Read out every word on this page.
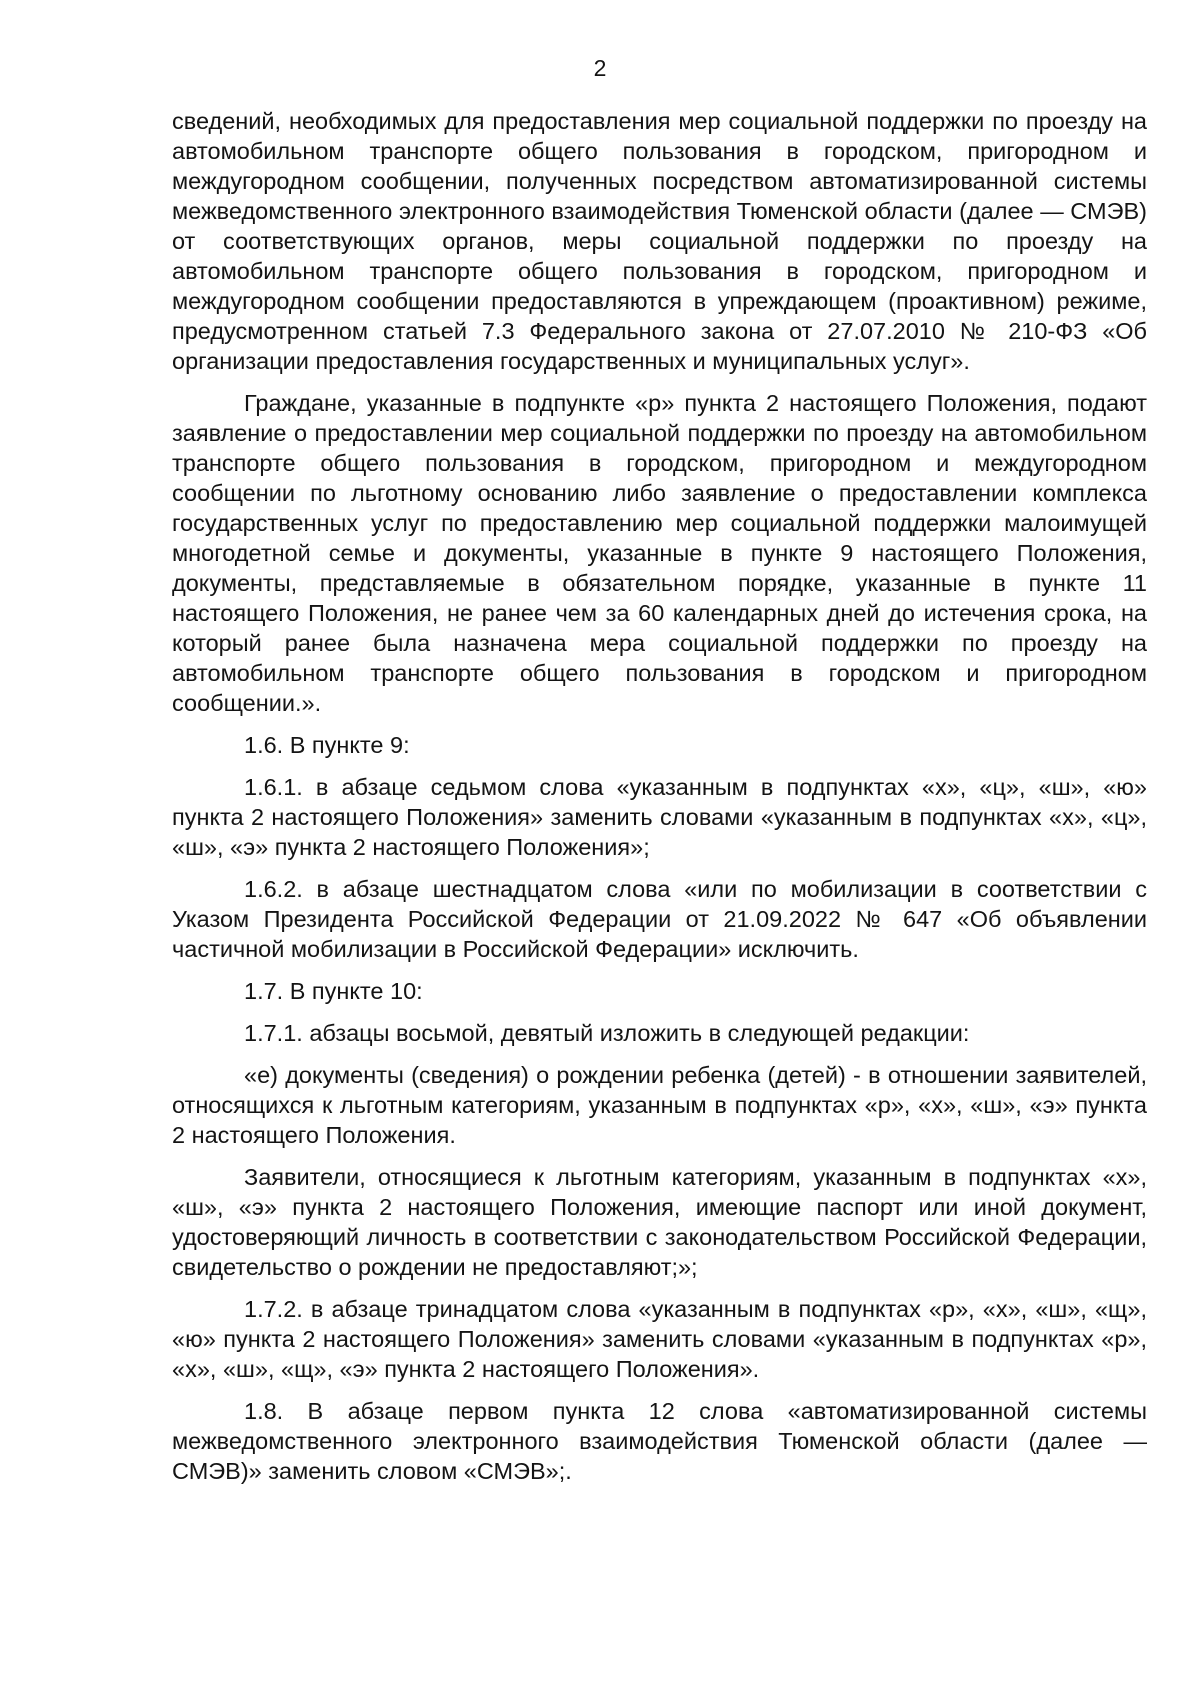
2

сведений, необходимых для предоставления мер социальной поддержки по проезду на автомобильном транспорте общего пользования в городском, пригородном и междугородном сообщении, полученных посредством автоматизированной системы межведомственного электронного взаимодействия Тюменской области (далее — СМЭВ) от соответствующих органов, меры социальной поддержки по проезду на автомобильном транспорте общего пользования в городском, пригородном и междугородном сообщении предоставляются в упреждающем (проактивном) режиме, предусмотренном статьей 7.3 Федерального закона от 27.07.2010 № 210-ФЗ «Об организации предоставления государственных и муниципальных услуг».

Граждане, указанные в подпункте «р» пункта 2 настоящего Положения, подают заявление о предоставлении мер социальной поддержки по проезду на автомобильном транспорте общего пользования в городском, пригородном и междугородном сообщении по льготному основанию либо заявление о предоставлении комплекса государственных услуг по предоставлению мер социальной поддержки малоимущей многодетной семье и документы, указанные в пункте 9 настоящего Положения, документы, представляемые в обязательном порядке, указанные в пункте 11 настоящего Положения, не ранее чем за 60 календарных дней до истечения срока, на который ранее была назначена мера социальной поддержки по проезду на автомобильном транспорте общего пользования в городском и пригородном сообщении.».

1.6. В пункте 9:

1.6.1. в абзаце седьмом слова «указанным в подпунктах «х», «ц», «ш», «ю» пункта 2 настоящего Положения» заменить словами «указанным в подпунктах «х», «ц», «ш», «э» пункта 2 настоящего Положения»;

1.6.2. в абзаце шестнадцатом слова «или по мобилизации в соответствии с Указом Президента Российской Федерации от 21.09.2022 № 647 «Об объявлении частичной мобилизации в Российской Федерации» исключить.

1.7. В пункте 10:

1.7.1. абзацы восьмой, девятый изложить в следующей редакции:

«е) документы (сведения) о рождении ребенка (детей) - в отношении заявителей, относящихся к льготным категориям, указанным в подпунктах «р», «х», «ш», «э» пункта 2 настоящего Положения.

Заявители, относящиеся к льготным категориям, указанным в подпунктах «х», «ш», «э» пункта 2 настоящего Положения, имеющие паспорт или иной документ, удостоверяющий личность в соответствии с законодательством Российской Федерации, свидетельство о рождении не предоставляют;»;

1.7.2. в абзаце тринадцатом слова «указанным в подпунктах «р», «х», «ш», «щ», «ю» пункта 2 настоящего Положения» заменить словами «указанным в подпунктах «р», «х», «ш», «щ», «э» пункта 2 настоящего Положения».

1.8. В абзаце первом пункта 12 слова «автоматизированной системы межведомственного электронного взаимодействия Тюменской области (далее — СМЭВ)» заменить словом «СМЭВ»;.
